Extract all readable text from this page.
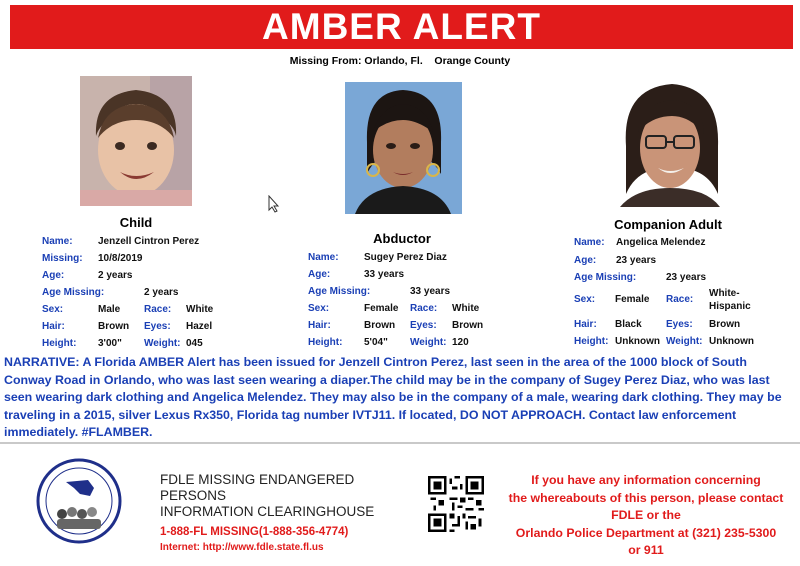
AMBER ALERT
Missing From: Orlando, Fl.    Orange County
Child
Abductor
Companion Adult
Name:	Jenzell Cintron Perez
Missing: 10/8/2019
Age:	2 years
Age Missing:	2 years
Sex:	Male Race: White
Hair:	Brown Eyes: Hazel
Height: 3'00" Weight: 045
Name:	Sugey Perez Diaz
Age:	33 years
Age Missing:	33 years
Sex:	Female Race: White
Hair:	Brown Eyes: Brown
Height: 5'04" Weight: 120
Name: Angelica Melendez
Age: 23 years
Age Missing:	23 years
Sex: Female Race:
White-
Hispanic
Hair: Black Eyes: Brown
Height: Unknown Weight: Unknown
NARRATIVE: A Florida AMBER Alert has been issued for Jenzell Cintron Perez, last seen in the area of the 1000 block of South Conway Road in Orlando, who was last seen wearing a diaper.The child may be in the company of Sugey Perez Diaz, who was last seen wearing dark clothing and Angelica Melendez. They may also be in the company of a male, wearing dark clothing. They may be traveling in a 2015, silver Lexus Rx350, Florida tag number IVTJ11. If located, DO NOT APPROACH. Contact law enforcement immediately. #FLAMBER.
FDLE MISSING ENDANGERED PERSONS
INFORMATION CLEARINGHOUSE
1-888-FL MISSING(1-888-356-4774)
Internet: http://www.fdle.state.fl.us
If you have any information concerning
the whereabouts of this person, please contact
FDLE or the
Orlando Police Department at (321) 235-5300
or 911
